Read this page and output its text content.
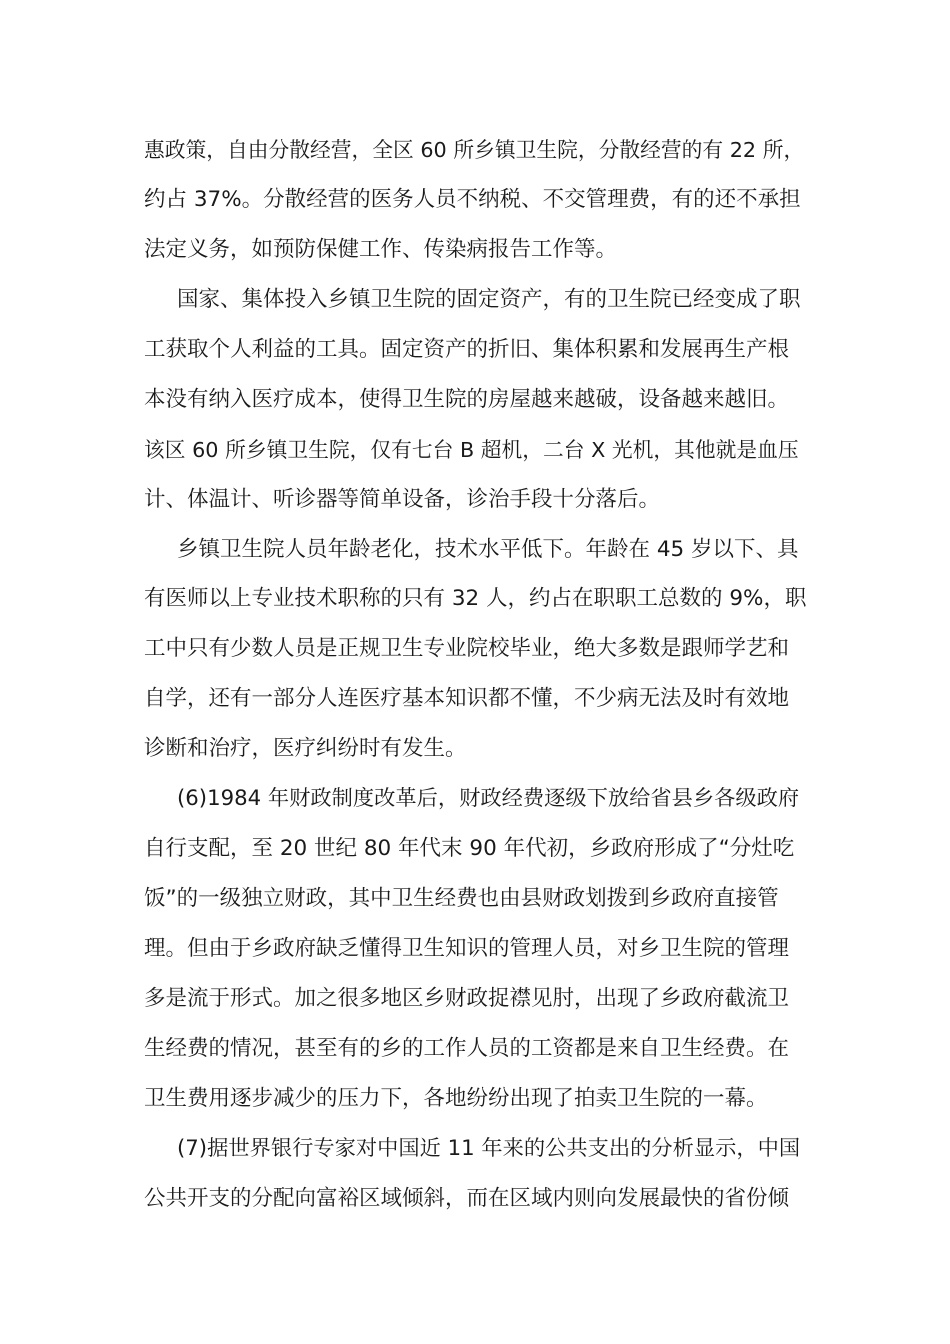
惠政策，自由分散经营，全区 60 所乡镇卫生院，分散经营的有 22 所，

约占 37%。分散经营的医务人员不纳税、不交管理费，有的还不承担

法定义务，如预防保健工作、传染病报告工作等。

国家、集体投入乡镇卫生院的固定资产，有的卫生院已经变成了职

工获取个人利益的工具。固定资产的折旧、集体积累和发展再生产根

本没有纳入医疗成本，使得卫生院的房屋越来越破，设备越来越旧。

该区 60 所乡镇卫生院，仅有七台 B 超机，二台 X 光机，其他就是血压

计、体温计、听诊器等简单设备，诊治手段十分落后。

乡镇卫生院人员年龄老化，技术水平低下。年龄在 45 岁以下、具

有医师以上专业技术职称的只有 32 人，约占在职职工总数的 9%，职

工中只有少数人员是正规卫生专业院校毕业，绝大多数是跟师学艺和

自学，还有一部分人连医疗基本知识都不懂，不少病无法及时有效地

诊断和治疗，医疗纠纷时有发生。

(6)1984 年财政制度改革后，财政经费逐级下放给省县乡各级政府

自行支配，至 20 世纪 80 年代末 90 年代初，乡政府形成了“分灶吃

饭”的一级独立财政，其中卫生经费也由县财政划拨到乡政府直接管

理。但由于乡政府缺乏懂得卫生知识的管理人员，对乡卫生院的管理

多是流于形式。加之很多地区乡财政捉襟见肘，出现了乡政府截流卫

生经费的情况，甚至有的乡的工作人员的工资都是来自卫生经费。在

卫生费用逐步减少的压力下，各地纷纷出现了拍卖卫生院的一幕。

(7)据世界银行专家对中国近 11 年来的公共支出的分析显示，中国

公共开支的分配向富裕区域倾斜，而在区域内则向发展最快的省份倾
